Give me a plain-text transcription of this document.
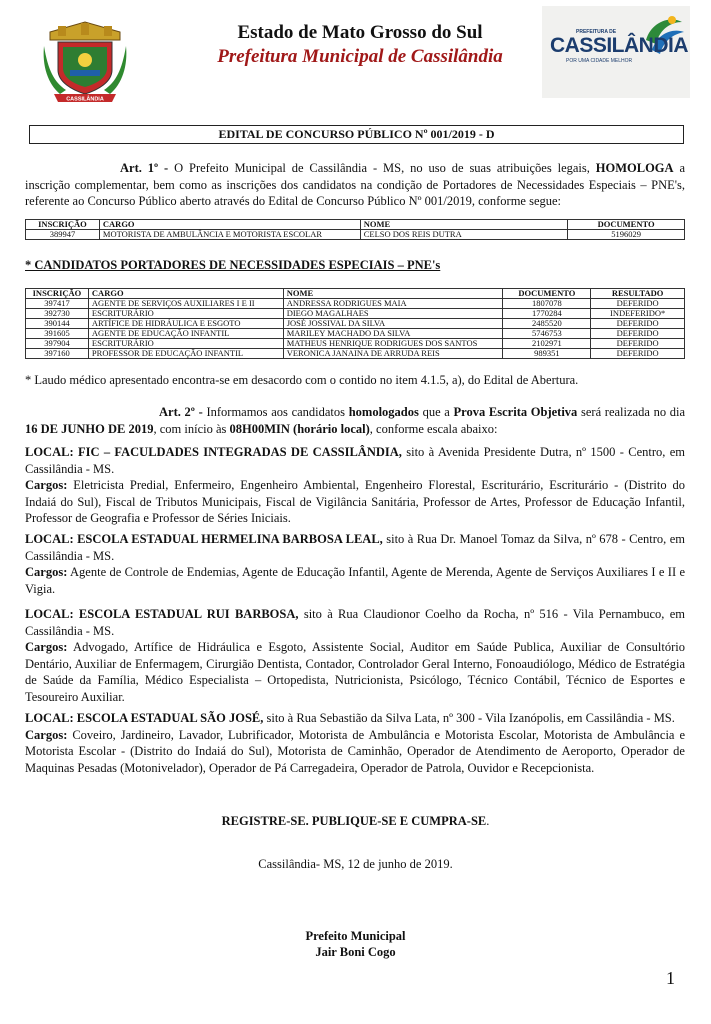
CASSILÂNDIA

Estado de Mato Grosso do Sul

Prefeitura Municipal de Cassilândia

PREFEITURA DE
CASSILÂNDIA
POR UMA CIDADE MELHOR
EDITAL DE CONCURSO PÚBLICO Nº 001/2019 - D

Art. 1º - O Prefeito Municipal de Cassilândia - MS, no uso de suas atribuições legais, HOMOLOGA a inscrição complementar, bem como as inscrições dos candidatos na condição de Portadores de Necessidades Especiais – PNE's, referente ao Concurso Público aberto através do Edital de Concurso Público Nº 001/2019, conforme segue:

INSCRIÇÃO	CARGO	NOME	DOCUMENTO
389947	MOTORISTA DE AMBULÂNCIA E MOTORISTA ESCOLAR	CELSO DOS REIS DUTRA	5196029

* CANDIDATOS PORTADORES DE NECESSIDADES ESPECIAIS – PNE's

INSCRIÇÃO	CARGO	NOME	DOCUMENTO	RESULTADO
397417	AGENTE DE SERVIÇOS AUXILIARES I E II	ANDRESSA RODRIGUES MAIA	1807078	DEFERIDO
392730	ESCRITURÁRIO	DIEGO MAGALHAES	1770284	INDEFERIDO*
390144	ARTÍFICE DE HIDRÁULICA E ESGOTO	JOSÉ JOSSIVAL DA SILVA	2485520	DEFERIDO
391605	AGENTE DE EDUCAÇÃO INFANTIL	MARILEY MACHADO DA SILVA	5746753	DEFERIDO
397904	ESCRITURÁRIO	MATHEUS HENRIQUE RODRIGUES DOS SANTOS	2102971	DEFERIDO
397160	PROFESSOR DE EDUCAÇÃO INFANTIL	VERONICA JANAINA DE ARRUDA REIS	989351	DEFERIDO

* Laudo médico apresentado encontra-se em desacordo com o contido no item 4.1.5, a), do Edital de Abertura.

Art. 2º - Informamos aos candidatos homologados que a Prova Escrita Objetiva será realizada no dia 16 DE JUNHO DE 2019, com início às 08H00MIN (horário local), conforme escala abaixo:

LOCAL: FIC – FACULDADES INTEGRADAS DE CASSILÂNDIA, sito à Avenida Presidente Dutra, nº 1500 - Centro, em Cassilândia - MS.

Cargos: Eletricista Predial, Enfermeiro, Engenheiro Ambiental, Engenheiro Florestal, Escriturário, Escriturário - (Distrito do Indaiá do Sul), Fiscal de Tributos Municipais, Fiscal de Vigilância Sanitária, Professor de Artes, Professor de Educação Infantil, Professor de Geografia e Professor de Séries Iniciais.

LOCAL: ESCOLA ESTADUAL HERMELINA BARBOSA LEAL, sito à Rua Dr. Manoel Tomaz da Silva, nº 678 - Centro, em Cassilândia - MS.

Cargos: Agente de Controle de Endemias, Agente de Educação Infantil, Agente de Merenda, Agente de Serviços Auxiliares I e II e Vigia.

LOCAL: ESCOLA ESTADUAL RUI BARBOSA, sito à Rua Claudionor Coelho da Rocha, nº 516 - Vila Pernambuco, em Cassilândia - MS.

Cargos: Advogado, Artífice de Hidráulica e Esgoto, Assistente Social, Auditor em Saúde Publica, Auxiliar de Consultório Dentário, Auxiliar de Enfermagem, Cirurgião Dentista, Contador, Controlador Geral Interno, Fonoaudiólogo, Médico de Estratégia de Saúde da Família, Médico Especialista – Ortopedista, Nutricionista, Psicólogo, Técnico Contábil, Técnico de Esportes e Tesoureiro Auxiliar.

LOCAL: ESCOLA ESTADUAL SÃO JOSÉ, sito à Rua Sebastião da Silva Lata, nº 300 - Vila Izanópolis, em Cassilândia - MS.

Cargos: Coveiro, Jardineiro, Lavador, Lubrificador, Motorista de Ambulância e Motorista Escolar, Motorista de Ambulância e Motorista Escolar - (Distrito do Indaiá do Sul), Motorista de Caminhão, Operador de Atendimento de Aeroporto, Operador de Maquinas Pesadas (Motonivelador), Operador de Pá Carregadeira, Operador de Patrola, Ouvidor e Recepcionista.

REGISTRE-SE. PUBLIQUE-SE E CUMPRA-SE.

Cassilândia- MS, 12 de junho de 2019.

Prefeito Municipal

Jair Boni Cogo

1
